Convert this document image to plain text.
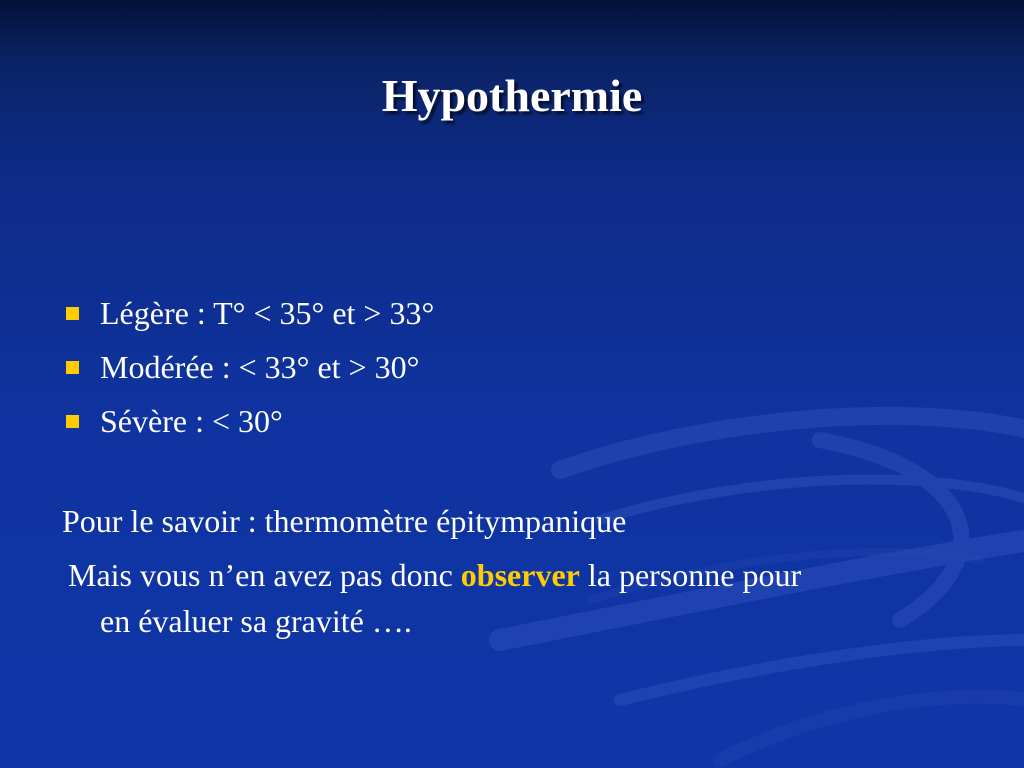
Hypothermie
Légère : T° < 35° et > 33°
Modérée : < 33° et > 30°
Sévère : < 30°

Pour le savoir : thermomètre épitympanique

Mais vous n’en avez pas donc observer la personne pour
en évaluer sa gravité ….
